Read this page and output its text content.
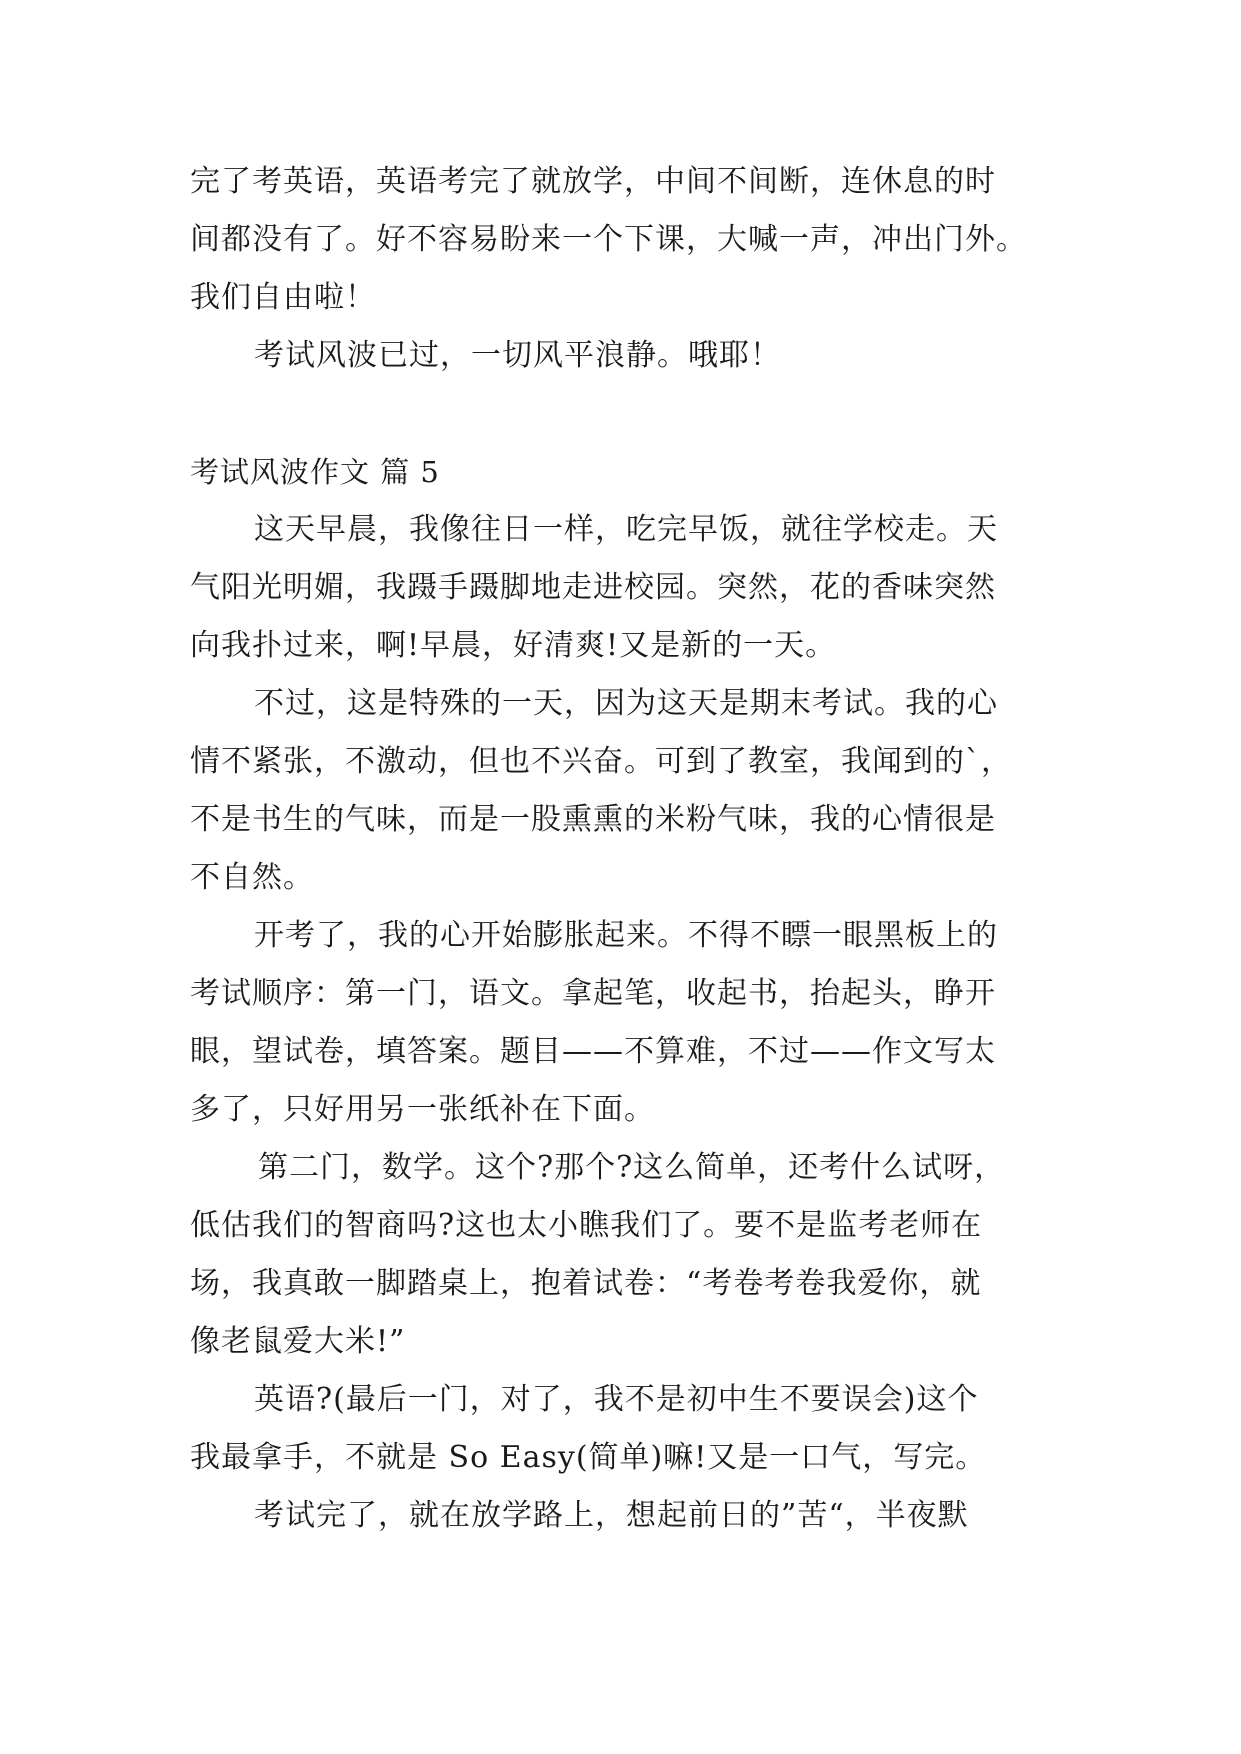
完了考英语，英语考完了就放学，中间不间断，连休息的时
间都没有了。好不容易盼来一个下课，大喊一声，冲出门外。
我们自由啦！
考试风波已过，一切风平浪静。哦耶！
考试风波作文 篇 5
这天早晨，我像往日一样，吃完早饭，就往学校走。天
气阳光明媚，我蹑手蹑脚地走进校园。突然，花的香味突然
向我扑过来，啊!早晨，好清爽!又是新的一天。
不过，这是特殊的一天，因为这天是期末考试。我的心
情不紧张，不激动，但也不兴奋。可到了教室，我闻到的`，
不是书生的气味，而是一股熏熏的米粉气味，我的心情很是
不自然。
开考了，我的心开始膨胀起来。不得不瞟一眼黑板上的
考试顺序：第一门，语文。拿起笔，收起书，抬起头，睁开
眼，望试卷，填答案。题目——不算难，不过——作文写太
多了，只好用另一张纸补在下面。
第二门，数学。这个?那个?这么简单，还考什么试呀，
低估我们的智商吗?这也太小瞧我们了。要不是监考老师在
场，我真敢一脚踏桌上，抱着试卷：“考卷考卷我爱你，就
像老鼠爱大米!”
英语?(最后一门，对了，我不是初中生不要误会)这个
我最拿手，不就是 So Easy(简单)嘛!又是一口气，写完。
考试完了，就在放学路上，想起前日的”苦“，半夜默
